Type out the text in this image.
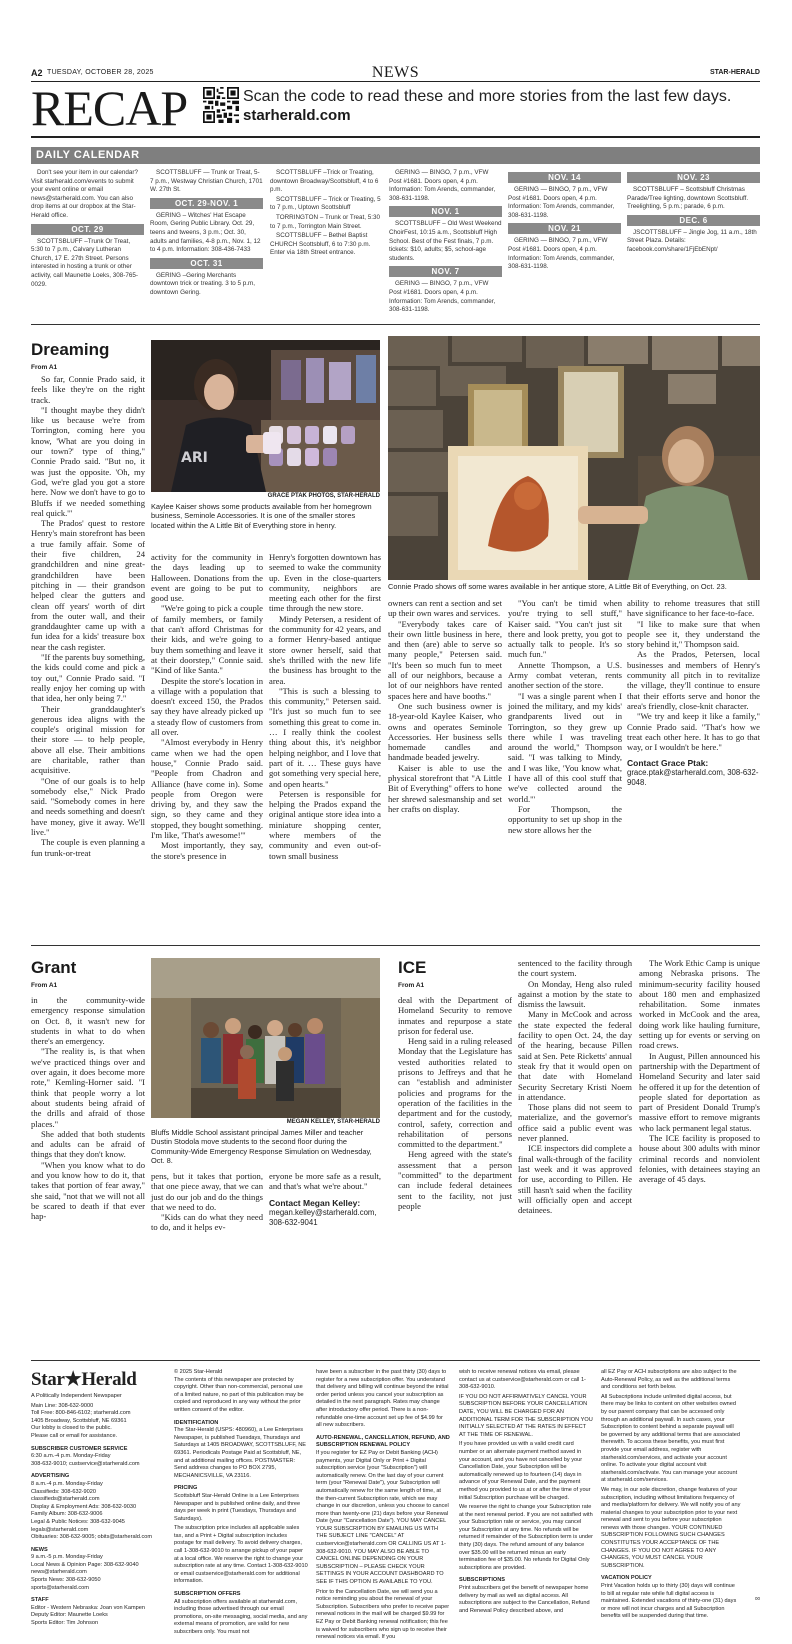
A2 TUESDAY, OCTOBER 28, 2025	NEWS	STAR-HERALD
RECAP	Scan the code to read these and more stories from the last few days.
starherald.com
DAILY CALENDAR

Don't see your item in our calendar? Visit starherald.com/events to submit your event online or email news@starherald.com. You can also drop items at our dropbox at the Star-Herald office.

OCT. 29

SCOTTSBLUFF –Trunk Or Treat, 5:30 to 7 p.m., Calvary Lutheran Church, 17 E. 27th Street. Persons interested in hosting a trunk or other activity, call Maunette Loeks, 308-765-0029.

SCOTTSBLUFF — Trunk or Treat, 5-7 p.m., Westway Christian Church, 1701 W. 27th St.

OCT. 29-NOV. 1

GERING – Witches' Hat Escape Room, Gering Public Library. Oct. 29, teens and tweens, 3 p.m.; Oct. 30, adults and families, 4-8 p.m., Nov. 1, 12 to 4 p.m. Information: 308-436-7433

OCT. 31

GERING –Gering Merchants downtown trick or treating. 3 to 5 p.m, downtown Gering.

SCOTTSBLUFF –Trick or Treating, downtown Broadway/Scottsbluff, 4 to 6 p.m.

SCOTTSBLUFF – Trick or Treating, 5 to 7 p.m., Uptown Scottsbluff

TORRINGTON – Trunk or Treat, 5:30 to 7 p.m., Torrington Main Street.

SCOTTSBLUFF – Bethel Baptist CHURCH Scottsbluff, 6 to 7:30 p.m. Enter via 18th Street entrance.

GERING — BINGO, 7 p.m., VFW Post #1681. Doors open, 4 p.m. Information: Tom Arends, commander, 308-631-1198.

NOV. 1

SCOTTSBLUFF – Old West Weekend ChoirFest, 10:15 a.m., Scottsbluff High School. Best of the Fest finals, 7 p.m. tickets: $10, adults; $5, school-age students.

NOV. 7

GERING — BINGO, 7 p.m., VFW Post #1681. Doors open, 4 p.m. Information: Tom Arends, commander, 308-631-1198.

NOV. 14

GERING — BINGO, 7 p.m., VFW Post #1681. Doors open, 4 p.m. Information: Tom Arends, commander, 308-631-1198.

NOV. 21

GERING — BINGO, 7 p.m., VFW Post #1681. Doors open, 4 p.m. Information: Tom Arends, commander, 308-631-1198.

NOV. 23

SCOTTSBLUFF – Scottsbluff Christmas Parade/Tree lighting, downtown Scottsbluff. Treelighting, 5 p.m.; parade, 6 p.m.

DEC. 6

JSCOTTSBLUFF – Jingle Jog, 11 a.m., 18th Street Plaza. Details: facebook.com/share/1FjEbENpt/

Dreaming
From A1
ARI
GRACE PTAK PHOTOS, STAR-HERALD
Kaylee Kaiser shows some products available from her homegrown business, Seminole Accessories. It is one of the smaller stores located within the A Little Bit of Everything store in henry.
Connie Prado shows off some wares available in her antique store, A Little Bit of Everything, on Oct. 23.

So far, Connie Prado said, it feels like they're on the right track.

"I thought maybe they didn't like us because we're from Torrington, coming here you know, 'What are you doing in our town?' type of thing," Connie Prado said. "But no, it was just the opposite. 'Oh, my God, we're glad you got a store here. Now we don't have to go to Bluffs if we needed something real quick.'"

The Prados' quest to restore Henry's main storefront has been a true family affair. Some of their five children, 24 grandchildren and nine great-grandchildren have been pitching in — their grandson helped clear the gutters and clean off years' worth of dirt from the outer wall, and their granddaughter came up with a fun idea for a kids' treasure box near the cash register.

"If the parents buy something, the kids could come and pick a toy out," Connie Prado said. "I really enjoy her coming up with that idea, her only being 7."

Their granddaughter's generous idea aligns with the couple's original mission for their store — to help people, above all else. Their ambitions are charitable, rather than acquisitive.

"One of our goals is to help somebody else," Nick Prado said. "Somebody comes in here and needs something and doesn't have money, give it away. We'll live."

The couple is even planning a fun trunk-or-treat

activity for the community in the days leading up to Halloween. Donations from the event are going to be put to good use.

"We're going to pick a couple of family members, or family that can't afford Christmas for their kids, and we're going to buy them something and leave it at their doorstep," Connie said. "Kind of like Santa."

Despite the store's location in a village with a population that doesn't exceed 150, the Prados say they have already picked up a steady flow of customers from all over.

"Almost everybody in Henry came when we had the open house," Connie Prado said. "People from Chadron and Alliance (have come in). Some people from Oregon were driving by, and they saw the sign, so they came and they stopped, they bought something. I'm like, 'That's awesome!'"

Most importantly, they say, the store's presence in

Henry's forgotten downtown has seemed to wake the community up. Even in the close-quarters community, neighbors are meeting each other for the first time through the new store.

Mindy Petersen, a resident of the community for 42 years, and a former Henry-based antique store owner herself, said that she's thrilled with the new life the business has brought to the area.

"This is such a blessing to this community," Petersen said. "It's just so much fun to see something this great to come in. … I really think the coolest thing about this, it's neighbor helping neighbor, and I love that part of it. … These guys have got something very special here, and open hearts."

Petersen is responsible for helping the Prados expand the original antique store idea into a miniature shopping center, where members of the community and even out-of-town small business

owners can rent a section and set up their own wares and services.

"Everybody takes care of their own little business in here, and then (are) able to serve so many people," Petersen said. "It's been so much fun to meet all of our neighbors, because a lot of our neighbors have rented spaces here and have booths."

One such business owner is 18-year-old Kaylee Kaiser, who owns and operates Seminole Accessories. Her business sells homemade candles and handmade beaded jewelry.

Kaiser is able to use the physical storefront that "A Little Bit of Everything" offers to hone her shrewd salesmanship and set her crafts on display.

"You can't be timid when you're trying to sell stuff," Kaiser said. "You can't just sit there and look pretty, you got to actually talk to people. It's so much fun."

Annette Thompson, a U.S. Army combat veteran, rents another section of the store.

"I was a single parent when I joined the military, and my kids' grandparents lived out in Torrington, so they grew up there while I was traveling around the world," Thompson said. "I was talking to Mindy, and I was like, 'You know what, I have all of this cool stuff that we've collected around the world.'"

For Thompson, the opportunity to set up shop in the new store allows her the

ability to rehome treasures that still have significance to her face-to-face.

"I like to make sure that when people see it, they understand the story behind it," Thompson said.

As the Prados, Petersen, local businesses and members of Henry's community all pitch in to revitalize the village, they'll continue to ensure that their efforts serve and honor the area's friendly, close-knit character.

"We try and keep it like a family," Connie Prado said. "That's how we treat each other here. It has to go that way, or I wouldn't be here."

Contact Grace Ptak:
grace.ptak@starherald.com, 308-632-9048.
Grant
From A1
MEGAN KELLEY, STAR-HERALD
Bluffs Middle School assistant principal James Miller and teacher Dustin Stodola move students to the second floor during the Community-Wide Emergency Response Simulation on Wednesday, Oct. 8.

in the community-wide emergency response simulation on Oct. 8, it wasn't new for students in what to do when there's an emergency.

"The reality is, is that when we've practiced things over and over again, it does become more rote," Kemling-Horner said. "I think that people worry a lot about students being afraid of the drills and afraid of those places."

She added that both students and adults can be afraid of things that they don't know.

"When you know what to do and you know how to do it, that takes that portion of fear away," she said, "not that we will not all be scared to death if that ever hap-

pens, but it takes that portion, that one piece away, that we can just do our job and do the things that we need to do.

"Kids can do what they need to do, and it helps ev-

eryone be more safe as a result, and that's what we're about."

Contact Megan Kelley:
megan.kelley@starherald.com, 308-632-9041
ICE
From A1

deal with the Department of Homeland Security to remove inmates and repurpose a state prison for federal use.

Heng said in a ruling released Monday that the Legislature has vested authorities related to prisons to Jeffreys and that he can "establish and administer policies and programs for the operation of the facilities in the department and for the custody, control, safety, correction and rehabilitation of persons committed to the department."

Heng agreed with the state's assessment that a person "committed" to the department can include federal detainees sent to the facility, not just people

sentenced to the facility through the court system.

On Monday, Heng also ruled against a motion by the state to dismiss the lawsuit.

Many in McCook and across the state expected the federal facility to open Oct. 24, the day of the hearing, because Pillen said at Sen. Pete Ricketts' annual steak fry that it would open on that date with Homeland Security Secretary Kristi Noem in attendance.

Those plans did not seem to materialize, and the governor's office said a public event was never planned.

ICE inspectors did complete a final walk-through of the facility last week and it was approved for use, according to Pillen. He still hasn't said when the facility will officially open and accept detainees.

The Work Ethic Camp is unique among Nebraska prisons. The minimum-security facility housed about 180 men and emphasized rehabilitation. Some inmates worked in McCook and the area, doing work like hauling furniture, setting up for events or serving on road crews.

In August, Pillen announced his partnership with the Department of Homeland Security and later said he offered it up for the detention of people slated for deportation as part of President Donald Trump's massive effort to remove migrants who lack permanent legal status.

The ICE facility is proposed to house about 300 adults with minor criminal records and nonviolent felonies, with detainees staying an average of 45 days.

Star★Herald

A Politically Independent Newspaper

Main Line: 308-632-9000
Toll Free: 800-846-6102; starherald.com
1405 Broadway, Scottsbluff, NE 69361
Our lobby is closed to the public.
Please call or email for assistance.
SUBSCRIBER CUSTOMER SERVICE
6:30 a.m.-4 p.m. Monday-Friday
308-632-9010; custservice@starherald.com
ADVERTISING
8 a.m.-4 p.m. Monday-Friday
Classifieds: 308-632-9020
classifieds@starherald.com
Display & Employment Ads: 308-632-9030
Family Album: 308-632-9006
Legal & Public Notices: 308-632-9045
legals@starherald.com
Obituaries: 308-632-9005; obits@starherald.com
NEWS
9 a.m.-5 p.m. Monday-Friday
Local News & Opinion Page: 308-632-9040
news@starherald.com
Sports News: 308-632-9050
sports@starherald.com
STAFF
Editor - Western Nebraska: Joan von Kampen
Deputy Editor: Maunette Loeks
Sports Editor: Tim Johnson

© 2025 Star-Herald
The contents of this newspaper are protected by copyright. Other than non-commercial, personal use of a limited nature, no part of this publication may be copied and reproduced in any way without the prior written consent of the editor.

IDENTIFICATION

The Star-Herald (USPS: 480960), a Lee Enterprises Newspaper, is published Tuesdays, Thursdays and Saturdays at 1405 BROADWAY, SCOTTSBLUFF, NE 69361. Periodicals Postage Paid at Scottsbluff, NE, and at additional mailing offices. POSTMASTER: Send address changes to PO BOX 2795, MECHANICSVILLE, VA 23116.

PRICING

Scottsbluff Star-Herald Online is a Lee Enterprises Newspaper and is published online daily, and three days per week in print (Tuesdays, Thursdays and Saturdays).

The subscription price includes all applicable sales tax, and a Print + Digital subscription includes postage for mail delivery. To avoid delivery charges, call 1-308-632-9010 to arrange pickup of your paper at a local office. We reserve the right to change your subscription rate at any time. Contact 1-308-632-9010 or email custservice@starherald.com for additional information.

SUBSCRIPTION OFFERS

All subscription offers available at starherald.com, including those advertised through our email promotions, on-site messaging, social media, and any external means of promotion, are valid for new subscribers only. You must not

have been a subscriber in the past thirty (30) days to register for a new subscription offer. You understand that delivery and billing will continue beyond the initial order period unless you cancel your subscription as detailed in the next paragraph. Rates may change after introductory offer period. There is a non-refundable one-time account set up fee of $4.99 for all new subscribers.

AUTO-RENEWAL, CANCELLATION, REFUND, AND SUBSCRIPTION RENEWAL POLICY

If you register for EZ Pay or Debit Banking (ACH) payments, your Digital Only or Print + Digital subscription service (your "Subscription") will automatically renew. On the last day of your current term (your "Renewal Date"), your Subscription will automatically renew for the same length of time, at the then-current Subscription rate, which we may change in our discretion, unless you choose to cancel more than twenty-one (21) days before your Renewal Date (your "Cancellation Date"). YOU MAY CANCEL YOUR SUBSCRIPTION BY EMAILING US WITH THE SUBJECT LINE "CANCEL" AT custservice@starherald.com OR CALLING US AT 1-308-632-9010. YOU MAY ALSO BE ABLE TO CANCEL ONLINE DEPENDING ON YOUR SUBSCRIPTION – PLEASE CHECK YOUR SETTINGS IN YOUR ACCOUNT DASHBOARD TO SEE IF THIS OPTION IS AVAILABLE TO YOU.

Prior to the Cancellation Date, we will send you a notice reminding you about the renewal of your Subscription. Subscribers who prefer to receive paper renewal notices in the mail will be charged $9.99 for EZ Pay or Debit Banking renewal notification; this fee is waived for subscribers who sign up to receive their renewal notices via email. If you

wish to receive renewal notices via email, please contact us at custservice@starherald.com or call 1-308-632-9010.

IF YOU DO NOT AFFIRMATIVELY CANCEL YOUR SUBSCRIPTION BEFORE YOUR CANCELLATION DATE, YOU WILL BE CHARGED FOR AN ADDITIONAL TERM FOR THE SUBSCRIPTION YOU INITIALLY SELECTED AT THE RATES IN EFFECT AT THE TIME OF RENEWAL.

If you have provided us with a valid credit card number or an alternate payment method saved in your account, and you have not cancelled by your Cancellation Date, your Subscription will be automatically renewed up to fourteen (14) days in advance of your Renewal Date, and the payment method you provided to us at or after the time of your initial Subscription purchase will be charged.

We reserve the right to change your Subscription rate at the next renewal period. If you are not satisfied with your Subscription rate or service, you may cancel your Subscription at any time. No refunds will be returned if remainder of the Subscription term is under thirty (30) days. The refund amount of any balance over $35.00 will be returned minus an early termination fee of $35.00. No refunds for Digital Only subscriptions are provided.

SUBSCRIPTIONS

Print subscribers get the benefit of newspaper home delivery by mail as well as digital access. All subscriptions are subject to the Cancellation, Refund and Renewal Policy described above, and

all EZ Pay or ACH subscriptions are also subject to the Auto-Renewal Policy, as well as the additional terms and conditions set forth below.

All Subscriptions include unlimited digital access, but there may be links to content on other websites owned by our parent company that can be accessed only through an additional paywall. In such cases, your Subscription to content behind a separate paywall will be governed by any additional terms that are associated therewith. To access these benefits, you must first provide your email address, register with starherald.com/services, and activate your account online. To activate your digital account visit starherald.com/activate. You can manage your account at starherald.com/services.

We may, in our sole discretion, change features of your subscription, including without limitations frequency of and media/platform for delivery. We will notify you of any material changes to your subscription prior to your next renewal and sent to you before your subscription renews with those changes. YOUR CONTINUED SUBSCRIPTION FOLLOWING SUCH CHANGES CONSTITUTES YOUR ACCEPTANCE OF THE CHANGES. IF YOU DO NOT AGREE TO ANY CHANGES, YOU MUST CANCEL YOUR SUBSCRIPTION.

VACATION POLICY

Print Vacation holds up to thirty (30) days will continue to bill at regular rate while full digital access is maintained. Extended vacations of thirty-one (31) days or more will not incur charges and all Subscription benefits will be suspended during that time.

00
